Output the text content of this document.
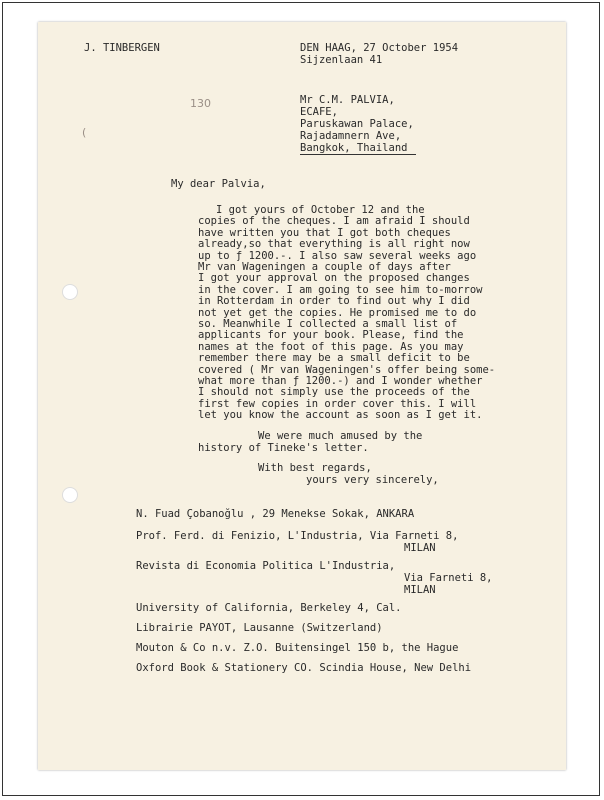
J. TINBERGEN	DEN HAAG, 27 October 1954
Sijzenlaan 41
130
(
Mr C.M. PALVIA,
ECAFE,
Paruskawan Palace,
Rajadamnern Ave,
Bangkok, Thailand
My dear Palvia,
I got yours of October 12 and the
copies of the cheques. I am afraid I should
have written you that I got both cheques
already,so that everything is all right now
up to ƒ 1200.-. I also saw several weeks ago
Mr van Wageningen a couple of days after
I got your approval on the proposed changes
in the cover. I am going to see him to-morrow
in Rotterdam in order to find out why I did
not yet get the copies. He promised me to do
so. Meanwhile I collected a small list of
applicants for your book. Please, find the
names at the foot of this page. As you may
remember there may be a small deficit to be
covered ( Mr van Wageningen's offer being some-
what more than ƒ 1200.-) and I wonder whether
I should not simply use the proceeds of the
first few copies in order cover this. I will
let you know the account as soon as I get it.
We were much amused by the
history of Tineke's letter.
With best regards,
yours very sincerely,
N. Fuad Çobanoğlu , 29 Menekse Sokak, ANKARA
Prof. Ferd. di Fenizio, L'Industria, Via Farneti 8,
MILAN
Revista di Economia Politica L'Industria,
Via Farneti 8,
MILAN
University of California, Berkeley 4, Cal.
Librairie PAYOT, Lausanne (Switzerland)
Mouton & Co n.v. Z.O. Buitensingel 150 b, the Hague
Oxford Book & Stationery CO. Scindia House, New Delhi
